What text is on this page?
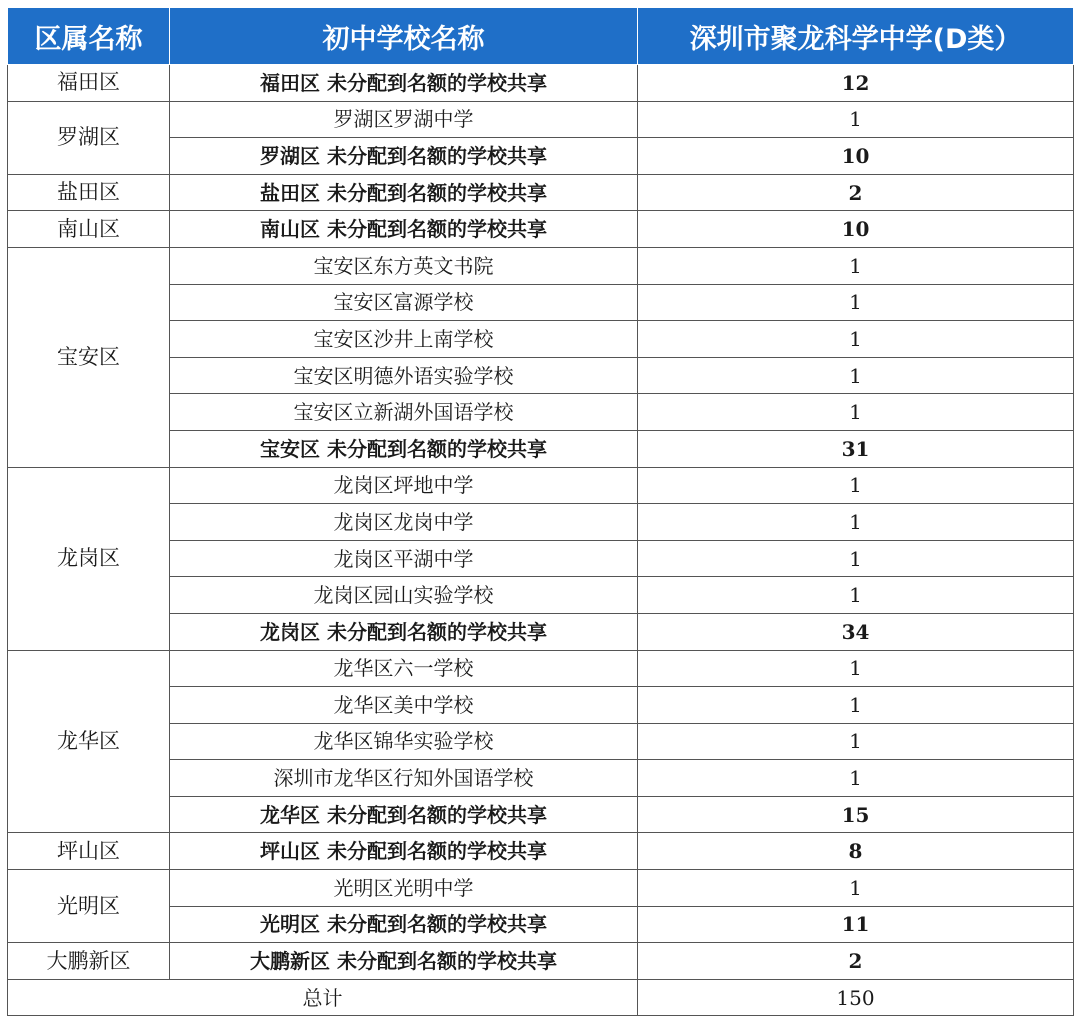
区属名称	初中学校名称	深圳市聚龙科学中学(D类）
福田区	福田区 未分配到名额的学校共享	12
罗湖区	罗湖区罗湖中学	1
	罗湖区 未分配到名额的学校共享	10
盐田区	盐田区 未分配到名额的学校共享	2
南山区	南山区 未分配到名额的学校共享	10
宝安区	宝安区东方英文书院	1
	宝安区富源学校	1
	宝安区沙井上南学校	1
	宝安区明德外语实验学校	1
	宝安区立新湖外国语学校	1
	宝安区 未分配到名额的学校共享	31
龙岗区	龙岗区坪地中学	1
	龙岗区龙岗中学	1
	龙岗区平湖中学	1
	龙岗区园山实验学校	1
	龙岗区 未分配到名额的学校共享	34
龙华区	龙华区六一学校	1
	龙华区美中学校	1
	龙华区锦华实验学校	1
	深圳市龙华区行知外国语学校	1
	龙华区 未分配到名额的学校共享	15
坪山区	坪山区 未分配到名额的学校共享	8
光明区	光明区光明中学	1
	光明区 未分配到名额的学校共享	11
大鹏新区	大鹏新区 未分配到名额的学校共享	2
总计		150
